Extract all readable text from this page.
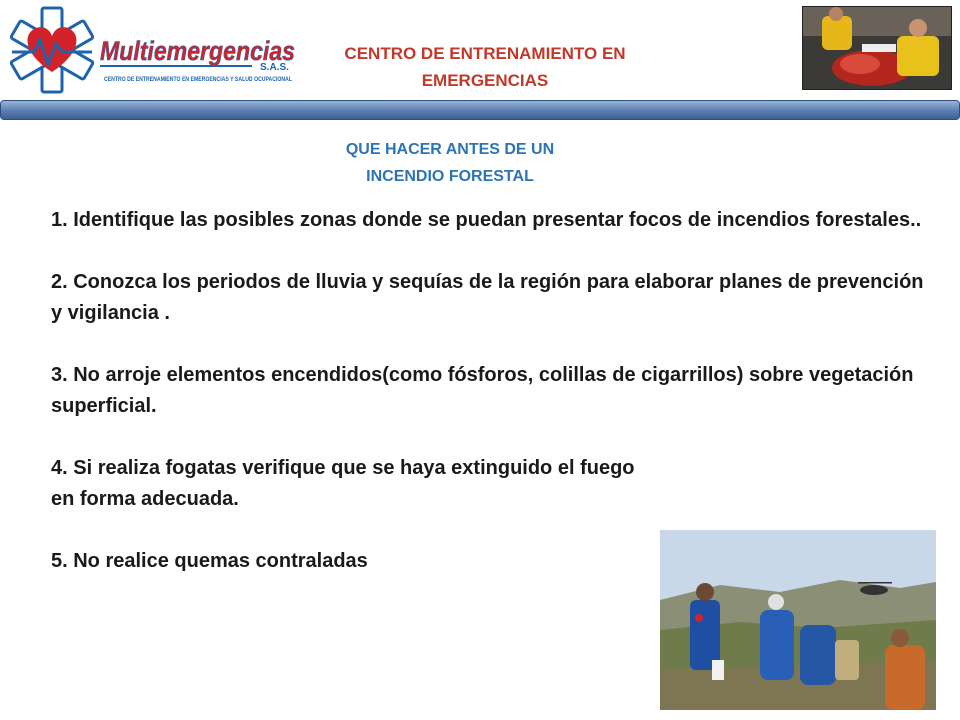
Multiemergencias
S.A.S.
CENTRO DE ENTRENAMIENTO EN EMERGENCIAS Y SALUD OCUPACIONAL
CENTRO DE ENTRENAMIENTO EN
EMERGENCIAS
QUE HACER ANTES DE UN
INCENDIO FORESTAL
1. Identifique las posibles zonas donde se puedan presentar focos de incendios forestales..
2. Conozca los periodos de lluvia y sequías de la región para elaborar planes de prevención y vigilancia .
3. No arroje elementos encendidos(como fósforos, colillas de cigarrillos) sobre vegetación superficial.
4. Si realiza fogatas verifique que se haya extinguido el fuego en forma adecuada.
5. No realice quemas contraladas
